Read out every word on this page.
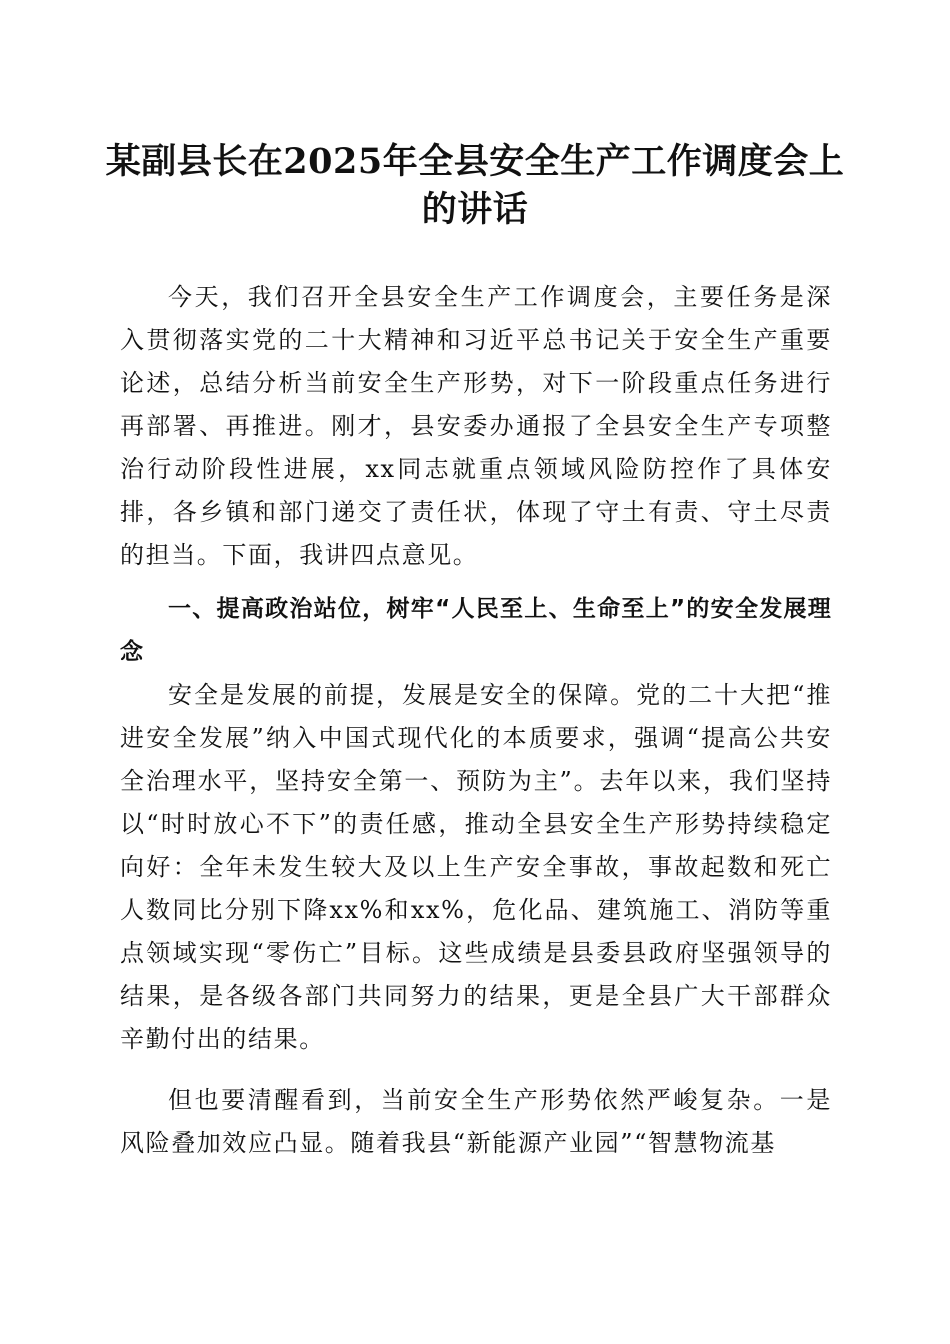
某副县长在2025年全县安全生产工作调度会上的讲话

今天，我们召开全县安全生产工作调度会，主要任务是深入贯彻落实党的二十大精神和习近平总书记关于安全生产重要论述，总结分析当前安全生产形势，对下一阶段重点任务进行再部署、再推进。刚才，县安委办通报了全县安全生产专项整治行动阶段性进展，xx同志就重点领域风险防控作了具体安排，各乡镇和部门递交了责任状，体现了守土有责、守土尽责的担当。下面，我讲四点意见。

一、提高政治站位，树牢“人民至上、生命至上”的安全发展理念

安全是发展的前提，发展是安全的保障。党的二十大把“推进安全发展”纳入中国式现代化的本质要求，强调“提高公共安全治理水平，坚持安全第一、预防为主”。去年以来，我们坚持以“时时放心不下”的责任感，推动全县安全生产形势持续稳定向好：全年未发生较大及以上生产安全事故，事故起数和死亡人数同比分别下降xx%和xx%，危化品、建筑施工、消防等重点领域实现“零伤亡”目标。这些成绩是县委县政府坚强领导的结果，是各级各部门共同努力的结果，更是全县广大干部群众辛勤付出的结果。

但也要清醒看到，当前安全生产形势依然严峻复杂。一是风险叠加效应凸显。随着我县“新能源产业园”“智慧物流基
